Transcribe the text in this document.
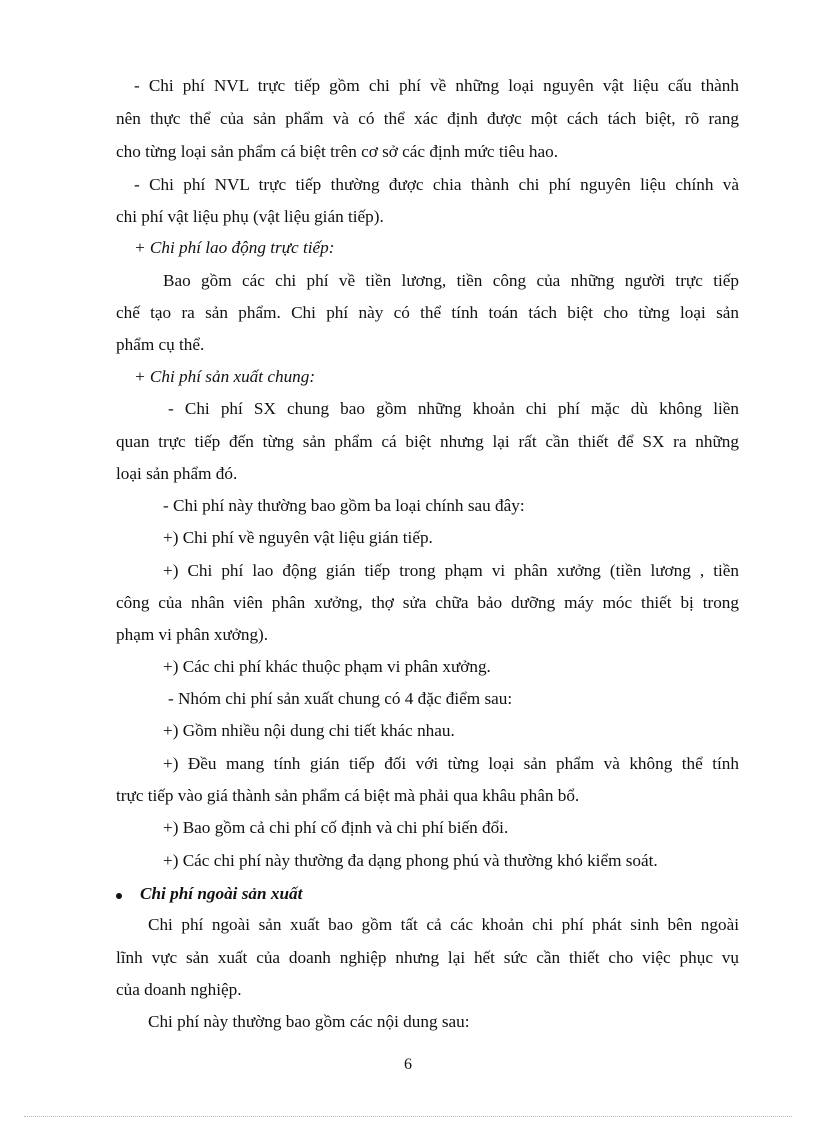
- Chi phí NVL trực tiếp gồm chi phí về những loại nguyên vật liệu cấu thành
nên thực thể của sản phẩm và có thể xác định được một cách tách biệt, rõ rang
cho từng loại sản phẩm cá biệt trên cơ sở các định mức tiêu hao.
- Chi phí NVL trực tiếp thường được chia thành chi phí nguyên liệu chính và
chi phí vật liệu phụ (vật liệu gián tiếp).
+ Chi phí lao động trực tiếp:
Bao gồm các chi phí về tiền lương, tiền công của những người trực tiếp
chế tạo ra sản phẩm. Chi phí này có thể tính toán tách biệt cho từng loại sản
phẩm cụ thể.
+ Chi phí sản xuất chung:
- Chi phí SX chung bao gồm những khoản chi phí mặc dù không liền
quan trực tiếp đến từng sản phẩm cá biệt nhưng lại rất cần thiết để SX ra những
loại sản phẩm đó.
- Chi phí này thường bao gồm ba loại chính sau đây:
+) Chi phí về nguyên vật liệu gián tiếp.
+) Chi phí lao động gián tiếp trong phạm vi phân xưởng (tiền lương , tiền
công của nhân viên phân xưởng, thợ sửa chữa bảo dưỡng máy móc thiết bị trong
phạm vi phân xưởng).
+) Các chi phí khác thuộc phạm vi phân xưởng.
- Nhóm chi phí sản xuất chung có 4 đặc điểm sau:
+) Gồm nhiều nội dung chi tiết khác nhau.
+) Đều mang tính gián tiếp đối với từng loại sản phẩm và không thể tính
trực tiếp vào giá thành sản phẩm cá biệt mà phải qua khâu phân bổ.
+) Bao gồm cả chi phí cố định và chi phí biến đổi.
+) Các chi phí này thường đa dạng phong phú và thường khó kiểm soát.
Chi phí ngoài sản xuất
Chi phí ngoài sản xuất bao gồm tất cả các khoản chi phí phát sinh bên ngoài
lĩnh vực sản xuất của doanh nghiệp nhưng lại hết sức cần thiết cho việc phục vụ
của doanh nghiệp.
Chi phí này thường bao gồm các nội dung sau:
6
